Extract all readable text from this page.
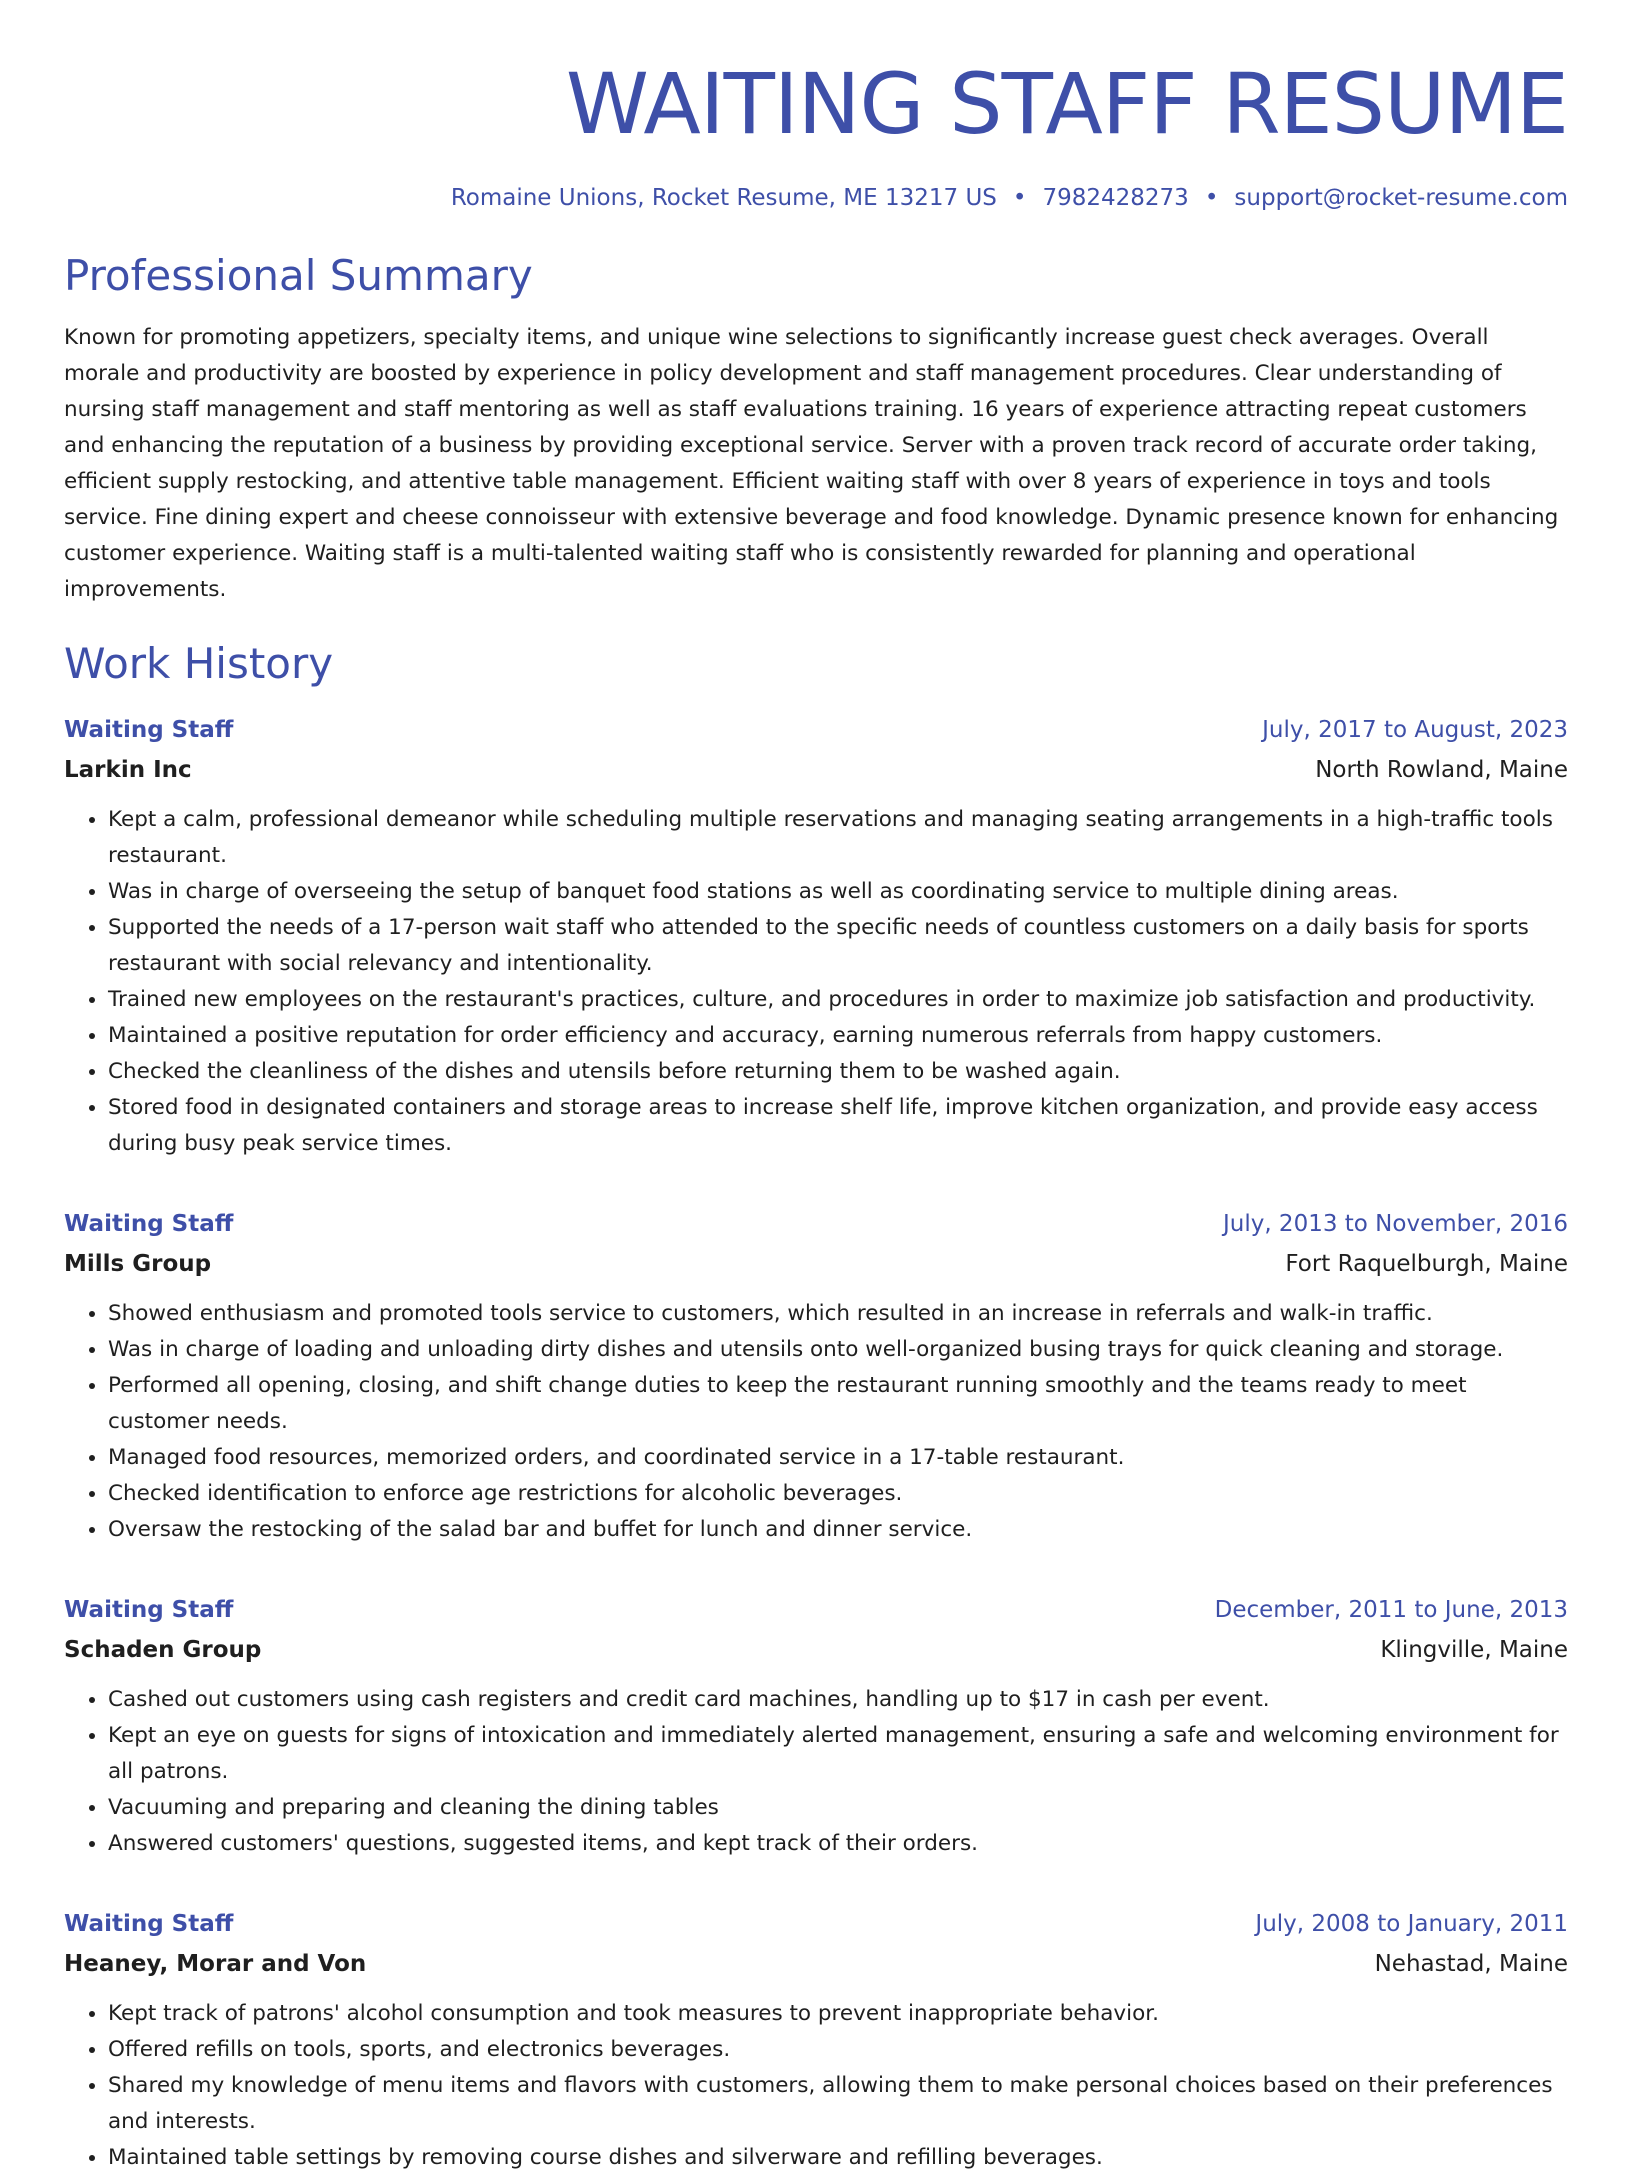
WAITING STAFF RESUME
Romaine Unions, Rocket Resume, ME 13217 US • 7982428273 • support@rocket-resume.com
Professional Summary

Known for promoting appetizers, specialty items, and unique wine selections to significantly increase guest check averages. Overall morale and productivity are boosted by experience in policy development and staff management procedures. Clear understanding of nursing staff management and staff mentoring as well as staff evaluations training. 16 years of experience attracting repeat customers and enhancing the reputation of a business by providing exceptional service. Server with a proven track record of accurate order taking, efficient supply restocking, and attentive table management. Efficient waiting staff with over 8 years of experience in toys and tools service. Fine dining expert and cheese connoisseur with extensive beverage and food knowledge. Dynamic presence known for enhancing customer experience. Waiting staff is a multi-talented waiting staff who is consistently rewarded for planning and operational improvements.

Work History
Waiting Staff	July, 2017 to August, 2023
Larkin Inc	North Rowland, Maine
• Kept a calm, professional demeanor while scheduling multiple reservations and managing seating arrangements in a high-traffic tools restaurant.
• Was in charge of overseeing the setup of banquet food stations as well as coordinating service to multiple dining areas.
• Supported the needs of a 17-person wait staff who attended to the specific needs of countless customers on a daily basis for sports restaurant with social relevancy and intentionality.
• Trained new employees on the restaurant's practices, culture, and procedures in order to maximize job satisfaction and productivity.
• Maintained a positive reputation for order efficiency and accuracy, earning numerous referrals from happy customers.
• Checked the cleanliness of the dishes and utensils before returning them to be washed again.
• Stored food in designated containers and storage areas to increase shelf life, improve kitchen organization, and provide easy access during busy peak service times.
Waiting Staff	July, 2013 to November, 2016
Mills Group	Fort Raquelburgh, Maine
• Showed enthusiasm and promoted tools service to customers, which resulted in an increase in referrals and walk-in traffic.
• Was in charge of loading and unloading dirty dishes and utensils onto well-organized busing trays for quick cleaning and storage.
• Performed all opening, closing, and shift change duties to keep the restaurant running smoothly and the teams ready to meet customer needs.
• Managed food resources, memorized orders, and coordinated service in a 17-table restaurant.
• Checked identification to enforce age restrictions for alcoholic beverages.
• Oversaw the restocking of the salad bar and buffet for lunch and dinner service.
Waiting Staff	December, 2011 to June, 2013
Schaden Group	Klingville, Maine
• Cashed out customers using cash registers and credit card machines, handling up to $17 in cash per event.
• Kept an eye on guests for signs of intoxication and immediately alerted management, ensuring a safe and welcoming environment for all patrons.
• Vacuuming and preparing and cleaning the dining tables
• Answered customers' questions, suggested items, and kept track of their orders.
Waiting Staff	July, 2008 to January, 2011
Heaney, Morar and Von	Nehastad, Maine
• Kept track of patrons' alcohol consumption and took measures to prevent inappropriate behavior.
• Offered refills on tools, sports, and electronics beverages.
• Shared my knowledge of menu items and flavors with customers, allowing them to make personal choices based on their preferences and interests.
• Maintained table settings by removing course dishes and silverware and refilling beverages.
